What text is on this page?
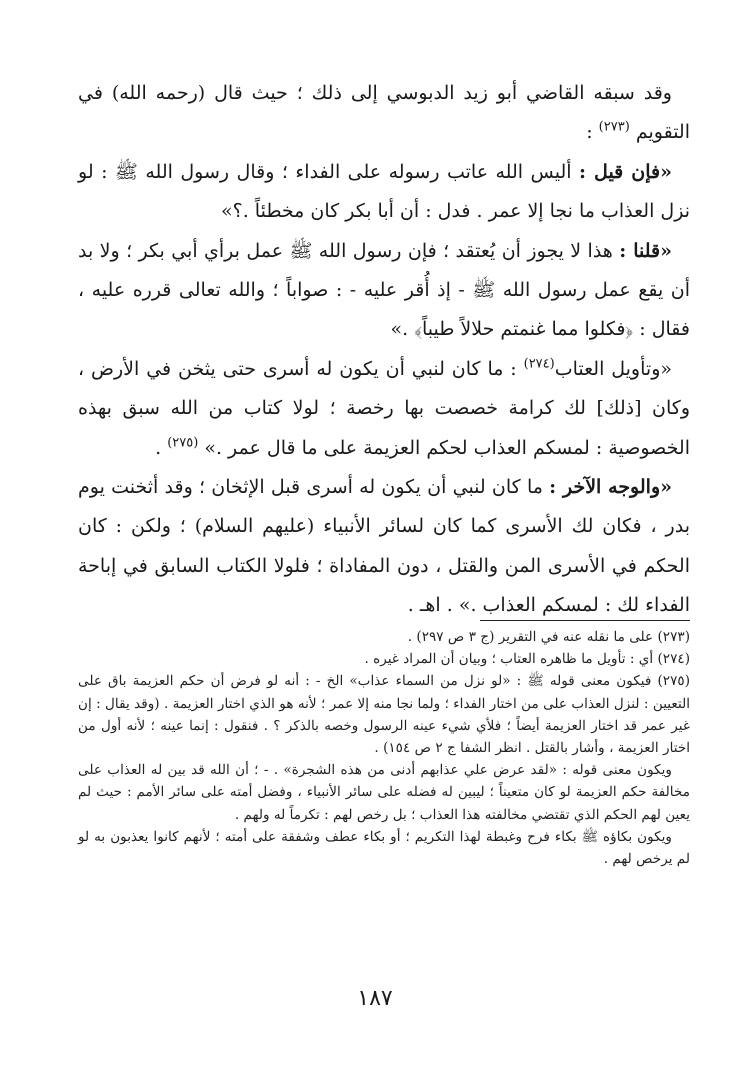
وقد سبقه القاضي أبو زيد الدبوسي إلى ذلك ؛ حيث قال (رحمه الله) في التقويم $^{(٢٧٣)}$ :

«فإن قيل : أليس الله عاتب رسوله على الفداء ؛ وقال رسول الله ﷺ : لو نزل العذاب ما نجا إلا عمر . فدل : أن أبا بكر كان مخطئاً .؟»

«قلنا : هذا لا يجوز أن يُعتقد ؛ فإن رسول الله ﷺ عمل برأي أبي بكر ؛ ولا بد أن يقع عمل رسول الله ﷺ - إذ أُقر عليه - : صواباً ؛ والله تعالى قرره عليه ، فقال : ﴿فكلوا مما غنمتم حلالاً طيباً﴾ .»

«وتأويل العتاب$^{(٢٧٤)}$ : ما كان لنبي أن يكون له أسرى حتى يثخن في الأرض ، وكان [ذلك] لك كرامة خصصت بها رخصة ؛ لولا كتاب من الله سبق بهذه الخصوصية : لمسكم العذاب لحكم العزيمة على ما قال عمر .» $^{(٢٧٥)}$ .

«والوجه الآخر : ما كان لنبي أن يكون له أسرى قبل الإثخان ؛ وقد أثخنت يوم بدر ، فكان لك الأسرى كما كان لسائر الأنبياء (عليهم السلام) ؛ ولكن : كان الحكم في الأسرى المن والقتل ، دون المفاداة ؛ فلولا الكتاب السابق في إباحة الفداء لك : لمسكم العذاب .» . اهـ .

(٢٧٣) على ما نقله عنه في التقرير (ج ٣ ص ٢٩٧) .

(٢٧٤) أي : تأويل ما ظاهره العتاب ؛ وبيان أن المراد غيره .

(٢٧٥) فيكون معنى قوله ﷺ : «لو نزل من السماء عذاب» الخ - : أنه لو فرض أن حكم العزيمة باق على التعيين : لنزل العذاب على من اختار الفداء ؛ ولما نجا منه إلا عمر ؛ لأنه هو الذي اختار العزيمة . (وقد يقال : إن غير عمر قد اختار العزيمة أيضاً ؛ فلأي شيء عينه الرسول وخصه بالذكر ؟ . فنقول : إنما عينه ؛ لأنه أول من اختار العزيمة ، وأشار بالقتل . انظر الشفا ج ٢ ص ١٥٤) .

ويكون معنى قوله : «لقد عرض علي عذابهم أدنى من هذه الشجرة» . - ؛ أن الله قد بين له العذاب على مخالفة حكم العزيمة لو كان متعيناً ؛ ليبين له فضله على سائر الأنبياء ، وفضل أمته على سائر الأمم : حيث لم يعين لهم الحكم الذي تقتضي مخالفته هذا العذاب ؛ بل رخص لهم : تكرماً له ولهم .

ويكون بكاؤه ﷺ بكاء فرح وغبطة لهذا التكريم ؛ أو بكاء عطف وشفقة على أمته ؛ لأنهم كانوا يعذبون به لو لم يرخص لهم .

١٨٧
